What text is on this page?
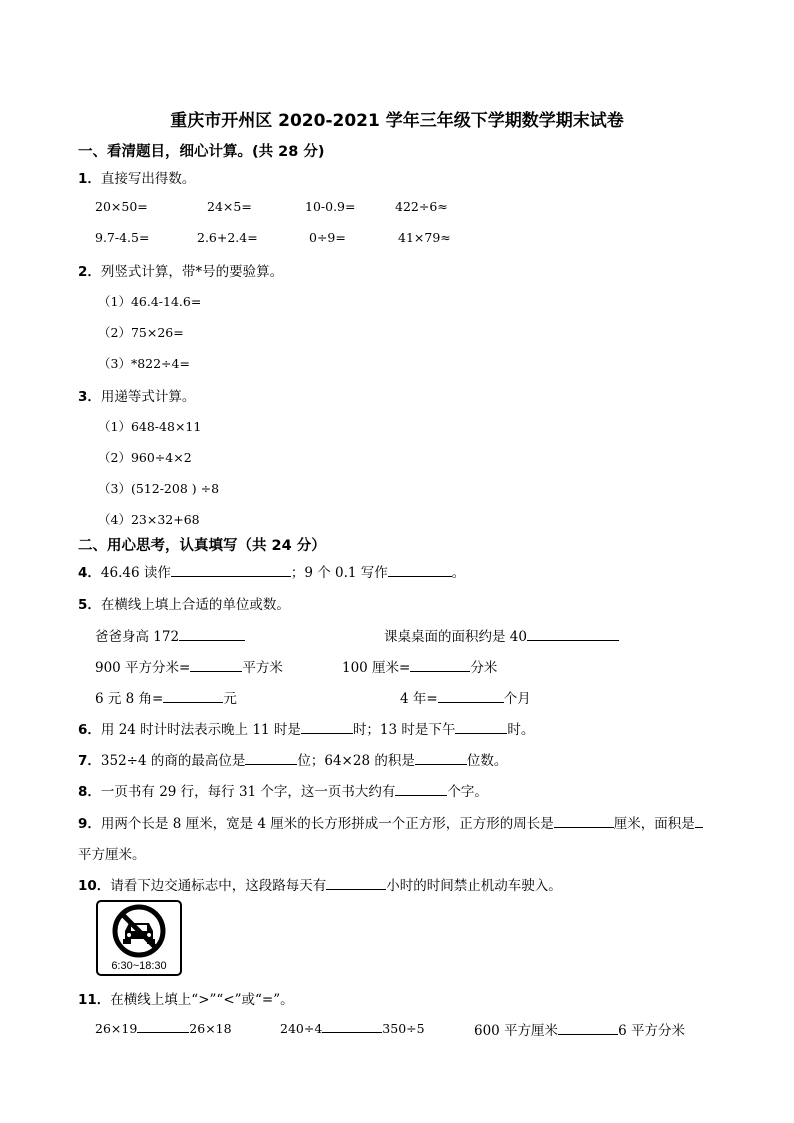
重庆市开州区 2020-2021 学年三年级下学期数学期末试卷
一、看清题目，细心计算。(共 28 分)
1．直接写出得数。
20×50=	24×5=	10-0.9=	422÷6≈
9.7-4.5=	2.6+2.4=	0÷9=	41×79≈
2．列竖式计算，带*号的要验算。
（1）46.4-14.6=
（2）75×26=
（3）*822÷4=
3．用递等式计算。
（1）648-48×11
（2）960÷4×2
（3）(512-208 ) ÷8
（4）23×32+68
二、用心思考，认真填写（共 24 分）
4．46.46 读作	；9 个 0.1 写作	。
5．在横线上填上合适的单位或数。
爸爸身高 172	课桌桌面的面积约是 40
900 平方分米=	平方米	100 厘米=	分米
6 元 8 角=	元	4 年=	个月
6．用 24 时计时法表示晚上 11 时是	时；13 时是下午	时。
7．352÷4 的商的最高位是	位；64×28 的积是	位数。
8．一页书有 29 行，每行 31 个字，这一页书大约有	个字。
9．用两个长是 8 厘米，宽是 4 厘米的长方形拼成一个正方形，正方形的周长是	厘米，面积是
平方厘米。
10．请看下边交通标志中，这段路每天有	小时的时间禁止机动车驶入。
6:30~18:30
11．在横线上填上“>”“<”或“=”。
26×19	26×18	240÷4	350÷5	600 平方厘米	6 平方分米
